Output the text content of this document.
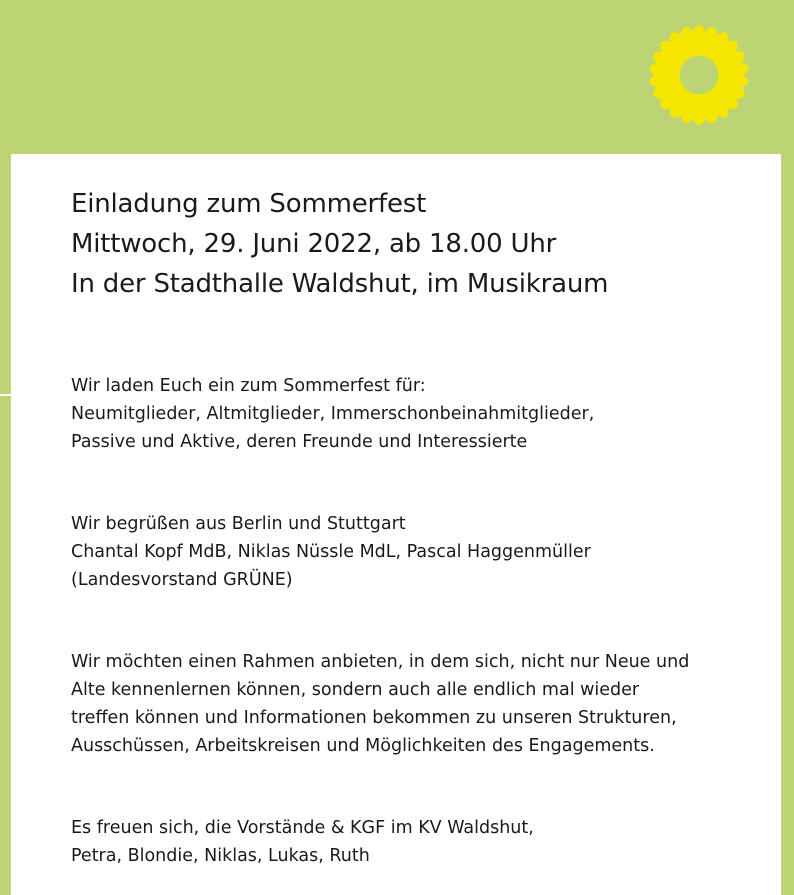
Einladung zum Sommerfest
Mittwoch, 29. Juni 2022, ab 18.00 Uhr
In der Stadthalle Waldshut, im Musikraum
Wir laden Euch ein zum Sommerfest für:
Neumitglieder, Altmitglieder, Immerschonbeinahmitglieder,
Passive und Aktive, deren Freunde und Interessierte
Wir begrüßen aus Berlin und Stuttgart
Chantal Kopf MdB, Niklas Nüssle MdL, Pascal Haggenmüller
(Landesvorstand GRÜNE)
Wir möchten einen Rahmen anbieten, in dem sich, nicht nur Neue und
Alte kennenlernen können, sondern auch alle endlich mal wieder
treffen können und Informationen bekommen zu unseren Strukturen,
Ausschüssen, Arbeitskreisen und Möglichkeiten des Engagements.
Es freuen sich, die Vorstände & KGF im KV Waldshut,
Petra, Blondie, Niklas, Lukas, Ruth
